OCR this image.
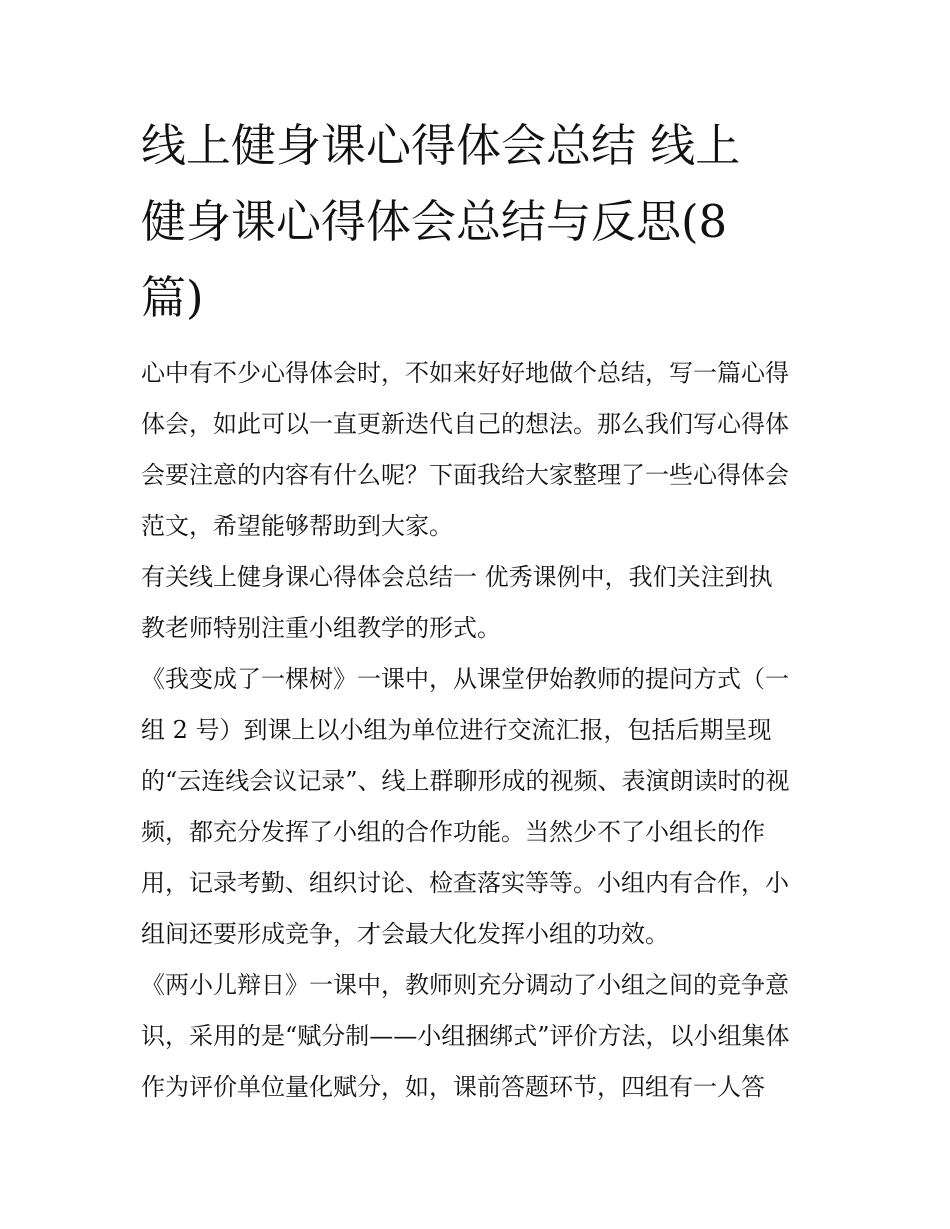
线上健身课心得体会总结 线上
健身课心得体会总结与反思(8
篇)

心中有不少心得体会时，不如来好好地做个总结，写一篇心得
体会，如此可以一直更新迭代自己的想法。那么我们写心得体
会要注意的内容有什么呢？下面我给大家整理了一些心得体会
范文，希望能够帮助到大家。

有关线上健身课心得体会总结一 优秀课例中，我们关注到执
教老师特别注重小组教学的形式。

《我变成了一棵树》一课中，从课堂伊始教师的提问方式（一
组 2 号）到课上以小组为单位进行交流汇报，包括后期呈现
的“云连线会议记录”、线上群聊形成的视频、表演朗读时的视
频，都充分发挥了小组的合作功能。当然少不了小组长的作
用，记录考勤、组织讨论、检查落实等等。小组内有合作，小
组间还要形成竞争，才会最大化发挥小组的功效。

《两小儿辩日》一课中，教师则充分调动了小组之间的竞争意
识，采用的是“赋分制——小组捆绑式”评价方法，以小组集体
作为评价单位量化赋分，如，课前答题环节，四组有一人答
